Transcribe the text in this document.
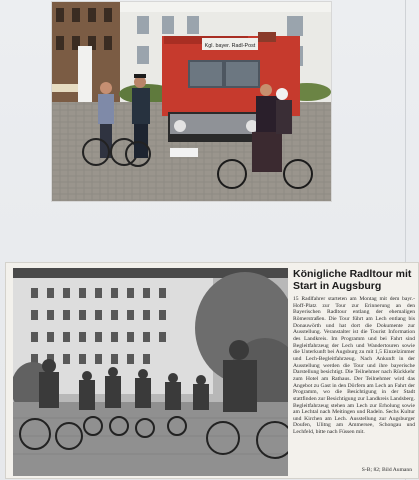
Kgl. bayer. Radl-Post
Königliche Radltour mit Start in Augsburg

15 Radlfahrer starteten am Montag mit dem bayr.-Hoff-Platz zur Tour zur Erinnerung an den Bayerischen Radltour entlang der ehemaligen Römerstraßen. Die Tour führt am Lech entlang bis Donauwörth und hat dort die Dokumente zur Ausstellung. Veranstalter ist die Tourist Information des Landkreis. Im Programm und bei Fahrt sind Begleitfahrzeug der Lech und Wandertouren sowie die Unterkunft bei Augsburg zu mit 1,5 Einzelzimmer und Lech-Begleitfahrzeug. Nach Ankunft in der Ausstellung werden die Tour und ihre bayerische Darstellung besichtigt. Die Teilnehmer nach Rückkehr zum Hotel am Rathaus. Der Teilnehmer wird das Angebot zu Gast in den Dörfern am Lech an Fahrt der Programm, wo die Besichtigung in der Stadt stattfinden zur Besichtigung zur Landkreis Landsberg. Begleitfahrzeug stehen am Lech zur Erholung sowie am Lechtal nach Meitingen und Radeln. Sechs Kultur und Kirchen am Lech. Ausstellung zur Augsburger Doufen, Ulitng am Ammersee, Schongau und Lechfeld, bitte nach Füssen mit.

S-B; 82; Bild Aumann
